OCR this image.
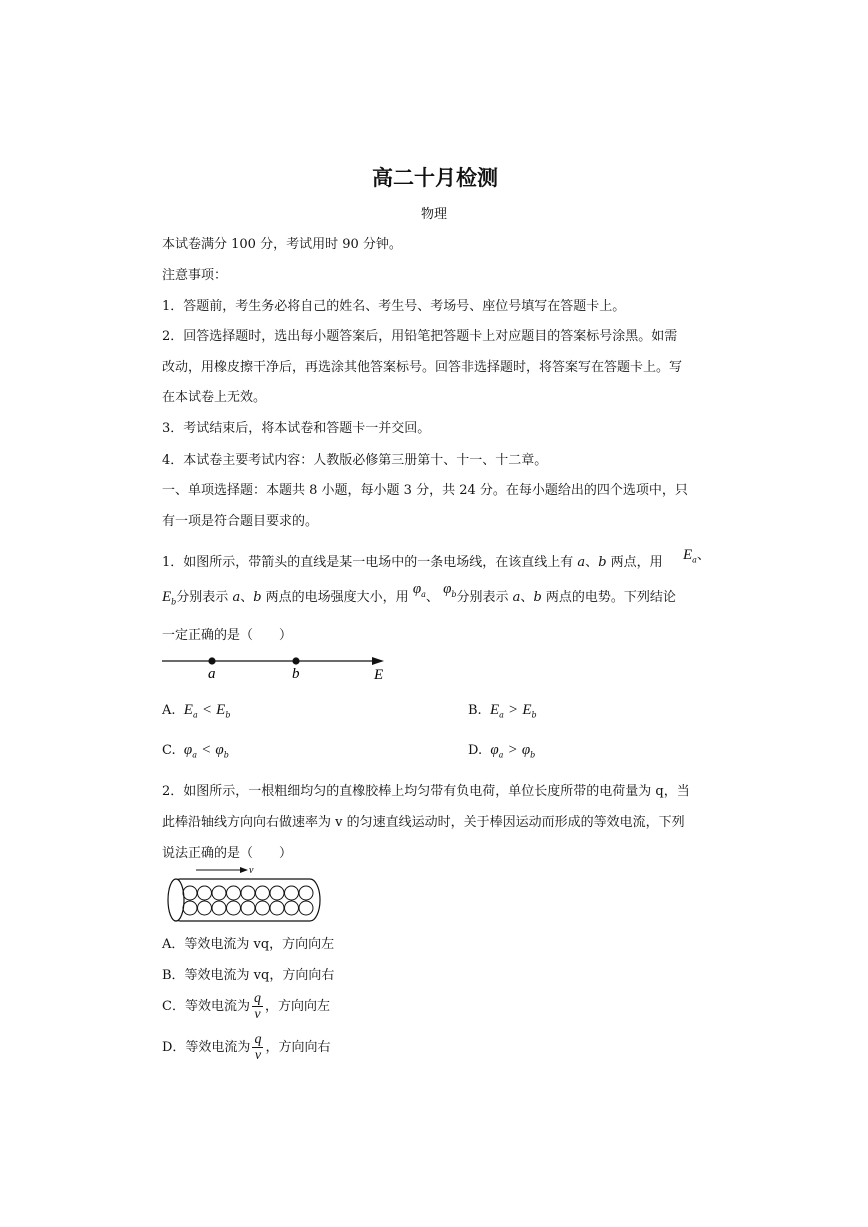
高二十月检测
物理
本试卷满分 100 分，考试用时 90 分钟。
注意事项：
1．答题前，考生务必将自己的姓名、考生号、考场号、座位号填写在答题卡上。
2．回答选择题时，选出每小题答案后，用铅笔把答题卡上对应题目的答案标号涂黑。如需
改动，用橡皮擦干净后，再选涂其他答案标号。回答非选择题时，将答案写在答题卡上。写
在本试卷上无效。
3．考试结束后，将本试卷和答题卡一并交回。
4．本试卷主要考试内容：人教版必修第三册第十、十一、十二章。
一、单项选择题：本题共 8 小题，每小题 3 分，共 24 分。在每小题给出的四个选项中，只
有一项是符合题目要求的。
1．如图所示，带箭头的直线是某一电场中的一条电场线，在该直线上有 a、b 两点，用 $E_a$、
$E_b$分别表示 a、b 两点的电场强度大小，用 $\varphi_a$、 $\varphi_b$分别表示 a、b 两点的电势。下列结论
一定正确的是（　　）
a	b	E
A. $E_a < E_b$	B. $E_a > E_b$
C. $\varphi_a < \varphi_b$	D. $\varphi_a > \varphi_b$
2．如图所示，一根粗细均匀的直橡胶棒上均匀带有负电荷，单位长度所带的电荷量为 q，当
此棒沿轴线方向向右做速率为 v 的匀速直线运动时，关于棒因运动而形成的等效电流，下列
说法正确的是（　　）
v
A．等效电流为 vq，方向向左
B．等效电流为 vq，方向向右
C．等效电流为 $\frac{q}{v}$ ，方向向左
D．等效电流为 $\frac{q}{v}$ ，方向向右
